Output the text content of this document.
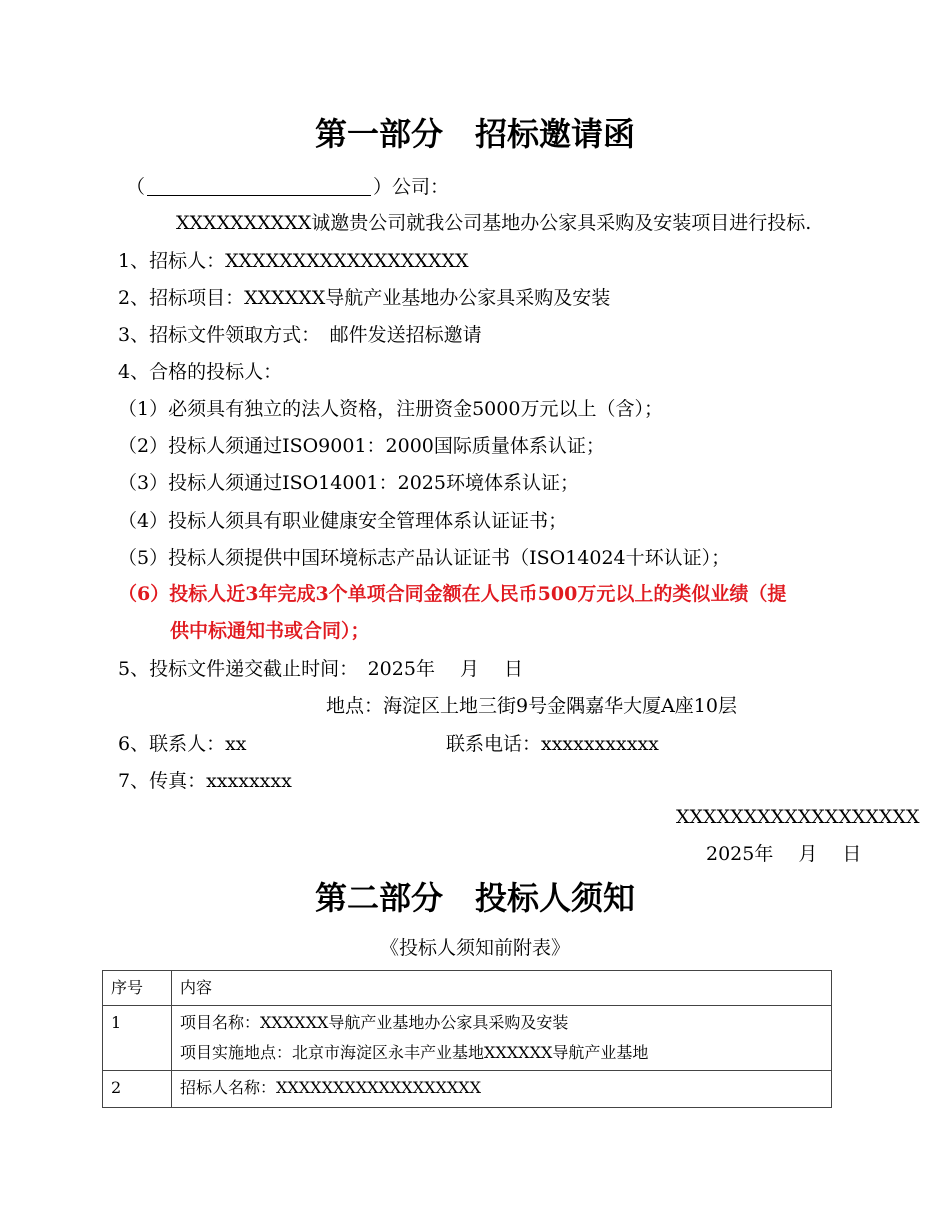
第一部分　招标邀请函
（	）公司：
XXXXXXXXXX诚邀贵公司就我公司基地办公家具采购及安装项目进行投标.
1、招标人：XXXXXXXXXXXXXXXXXX
2、招标项目：XXXXXX导航产业基地办公家具采购及安装
3、招标文件领取方式：　邮件发送招标邀请
4、合格的投标人：
（1）必须具有独立的法人资格，注册资金5000万元以上（含）；
（2）投标人须通过ISO9001：2000国际质量体系认证；
（3）投标人须通过ISO14001：2025环境体系认证；
（4）投标人须具有职业健康安全管理体系认证证书；
（5）投标人须提供中国环境标志产品认证证书（ISO14024十环认证）；
（6）投标人近3年完成3个单项合同金额在人民币500万元以上的类似业绩（提
供中标通知书或合同）；
5、投标文件递交截止时间：　2025年　 月　 日
地点：海淀区上地三街9号金隅嘉华大厦A座10层
6、联系人：xx	联系电话：xxxxxxxxxxx
7、传真：xxxxxxxx
XXXXXXXXXXXXXXXXXX
2025年　 月　 日
第二部分　投标人须知
《投标人须知前附表》
序号	内容
1	项目名称：XXXXXX导航产业基地办公家具采购及安装
项目实施地点：北京市海淀区永丰产业基地XXXXXX导航产业基地

2	招标人名称：XXXXXXXXXXXXXXXXXX
